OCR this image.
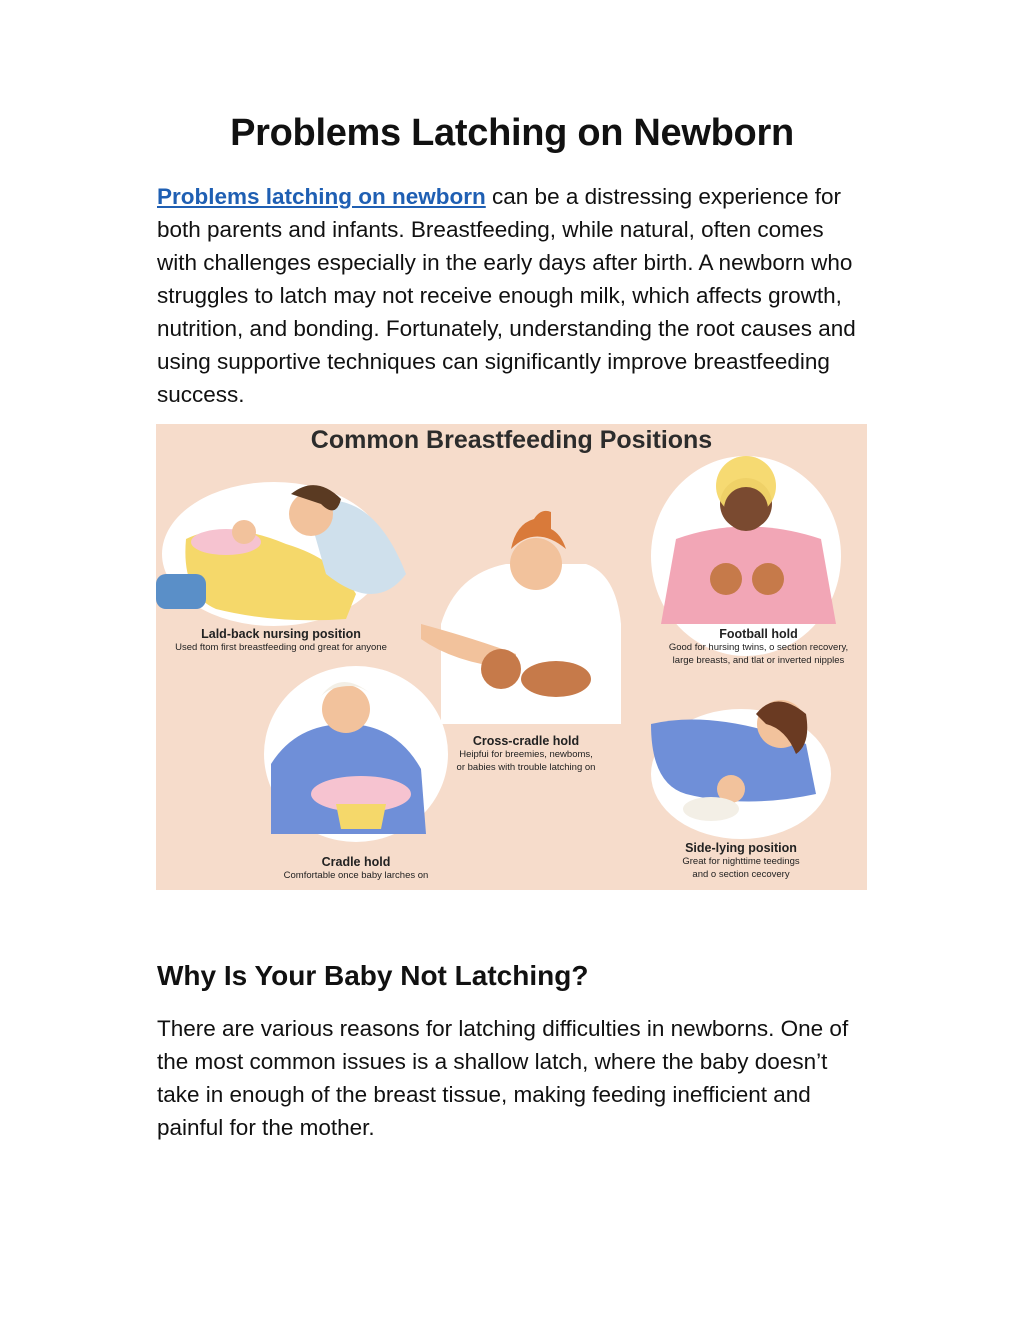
Problems Latching on Newborn

Problems latching on newborn can be a distressing experience for both parents and infants. Breastfeeding, while natural, often comes with challenges especially in the early days after birth. A newborn who struggles to latch may not receive enough milk, which affects growth, nutrition, and bonding. Fortunately, understanding the root causes and using supportive techniques can significantly improve breastfeeding success.

Common Breastfeeding Positions
Lald-back nursing position
Used ftom first breastfeeding ond great for anyone
Football hold
Good for hursing twins, o section recovery,
large breasts, and tlat or inverted nipples
Cross-cradle hold
Heipfui for breemies, newboms,
or babies with trouble latching on
Cradle hold
Comfortable once baby larches on
Side-lying position
Great for nighttime teedings
and o section cecovery
Why Is Your Baby Not Latching?

There are various reasons for latching difficulties in newborns. One of the most common issues is a shallow latch, where the baby doesn’t take in enough of the breast tissue, making feeding inefficient and painful for the mother.
